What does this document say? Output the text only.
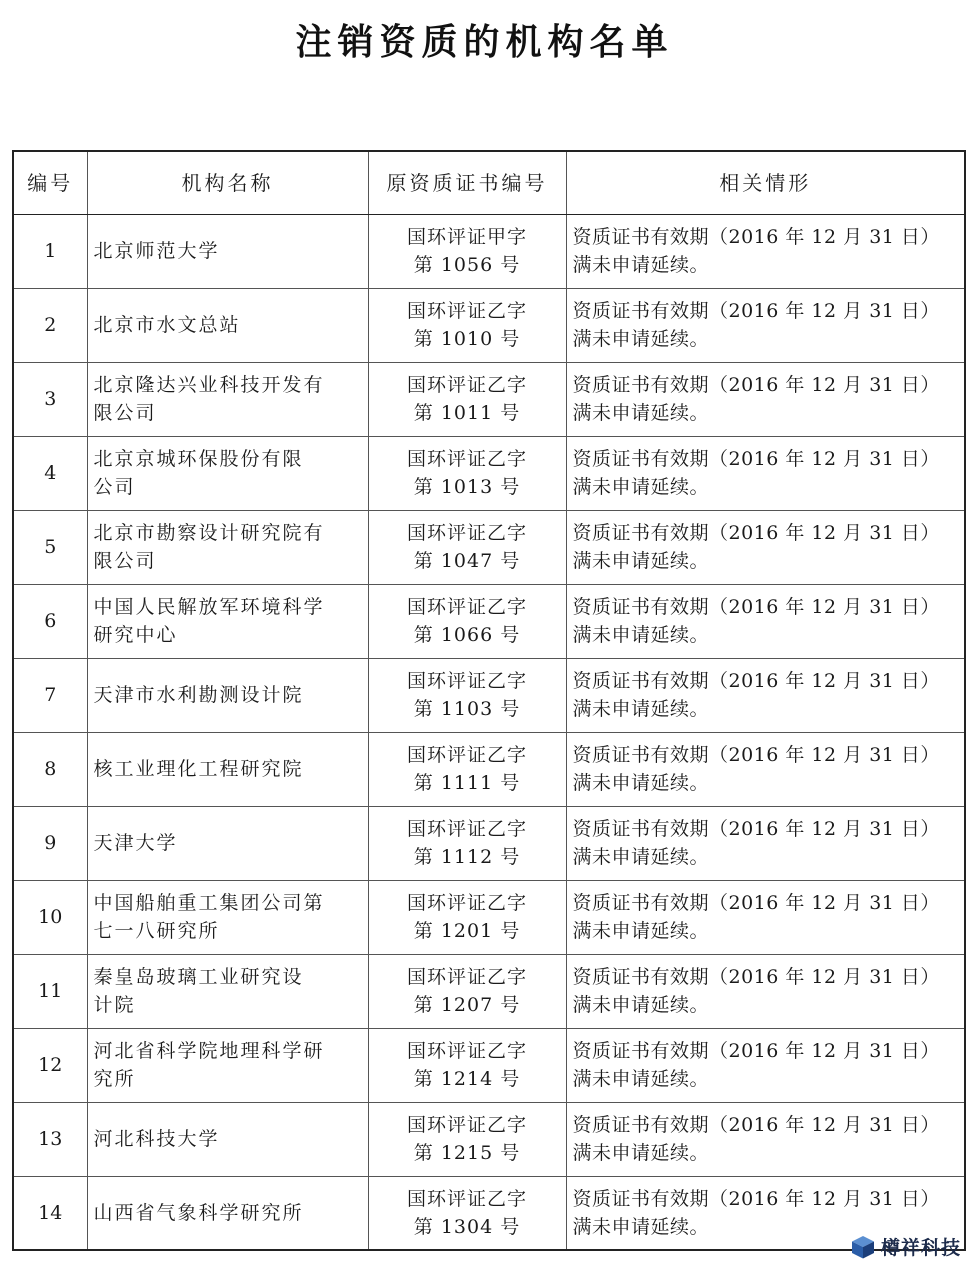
注销资质的机构名单
编号	机构名称	原资质证书编号	相关情形
1	北京师范大学	国环评证甲字
第 1056 号	资质证书有效期（2016 年 12 月 31 日）
满未申请延续。

2	北京市水文总站	国环评证乙字
第 1010 号	资质证书有效期（2016 年 12 月 31 日）
满未申请延续。

3	北京隆达兴业科技开发有
限公司	国环评证乙字
第 1011 号	资质证书有效期（2016 年 12 月 31 日）
满未申请延续。

4	北京京城环保股份有限
公司	国环评证乙字
第 1013 号	资质证书有效期（2016 年 12 月 31 日）
满未申请延续。

5	北京市勘察设计研究院有
限公司	国环评证乙字
第 1047 号	资质证书有效期（2016 年 12 月 31 日）
满未申请延续。

6	中国人民解放军环境科学
研究中心	国环评证乙字
第 1066 号	资质证书有效期（2016 年 12 月 31 日）
满未申请延续。

7	天津市水利勘测设计院	国环评证乙字
第 1103 号	资质证书有效期（2016 年 12 月 31 日）
满未申请延续。

8	核工业理化工程研究院	国环评证乙字
第 1111 号	资质证书有效期（2016 年 12 月 31 日）
满未申请延续。

9	天津大学	国环评证乙字
第 1112 号	资质证书有效期（2016 年 12 月 31 日）
满未申请延续。

10	中国船舶重工集团公司第
七一八研究所	国环评证乙字
第 1201 号	资质证书有效期（2016 年 12 月 31 日）
满未申请延续。

11	秦皇岛玻璃工业研究设
计院	国环评证乙字
第 1207 号	资质证书有效期（2016 年 12 月 31 日）
满未申请延续。

12	河北省科学院地理科学研
究所	国环评证乙字
第 1214 号	资质证书有效期（2016 年 12 月 31 日）
满未申请延续。

13	河北科技大学	国环评证乙字
第 1215 号	资质证书有效期（2016 年 12 月 31 日）
满未申请延续。

14	山西省气象科学研究所	国环评证乙字
第 1304 号	资质证书有效期（2016 年 12 月 31 日）
满未申请延续。
樽祥科技
